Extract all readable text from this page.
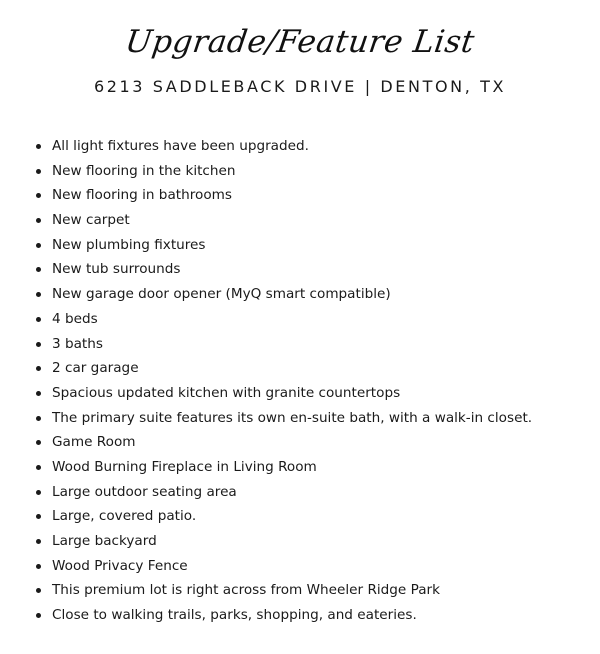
Upgrade/Feature List
6213 SADDLEBACK DRIVE | DENTON, TX
All light fixtures have been upgraded.
New flooring in the kitchen
New flooring in bathrooms
New carpet
New plumbing fixtures
New tub surrounds
New garage door opener (MyQ smart compatible)
4 beds
3 baths
2 car garage
Spacious updated kitchen with granite countertops
The primary suite features its own en-suite bath, with a walk-in closet.
Game Room
Wood Burning Fireplace in Living Room
Large outdoor seating area
Large, covered patio.
Large backyard
Wood Privacy Fence
This premium lot is right across from Wheeler Ridge Park
Close to walking trails, parks, shopping, and eateries.
